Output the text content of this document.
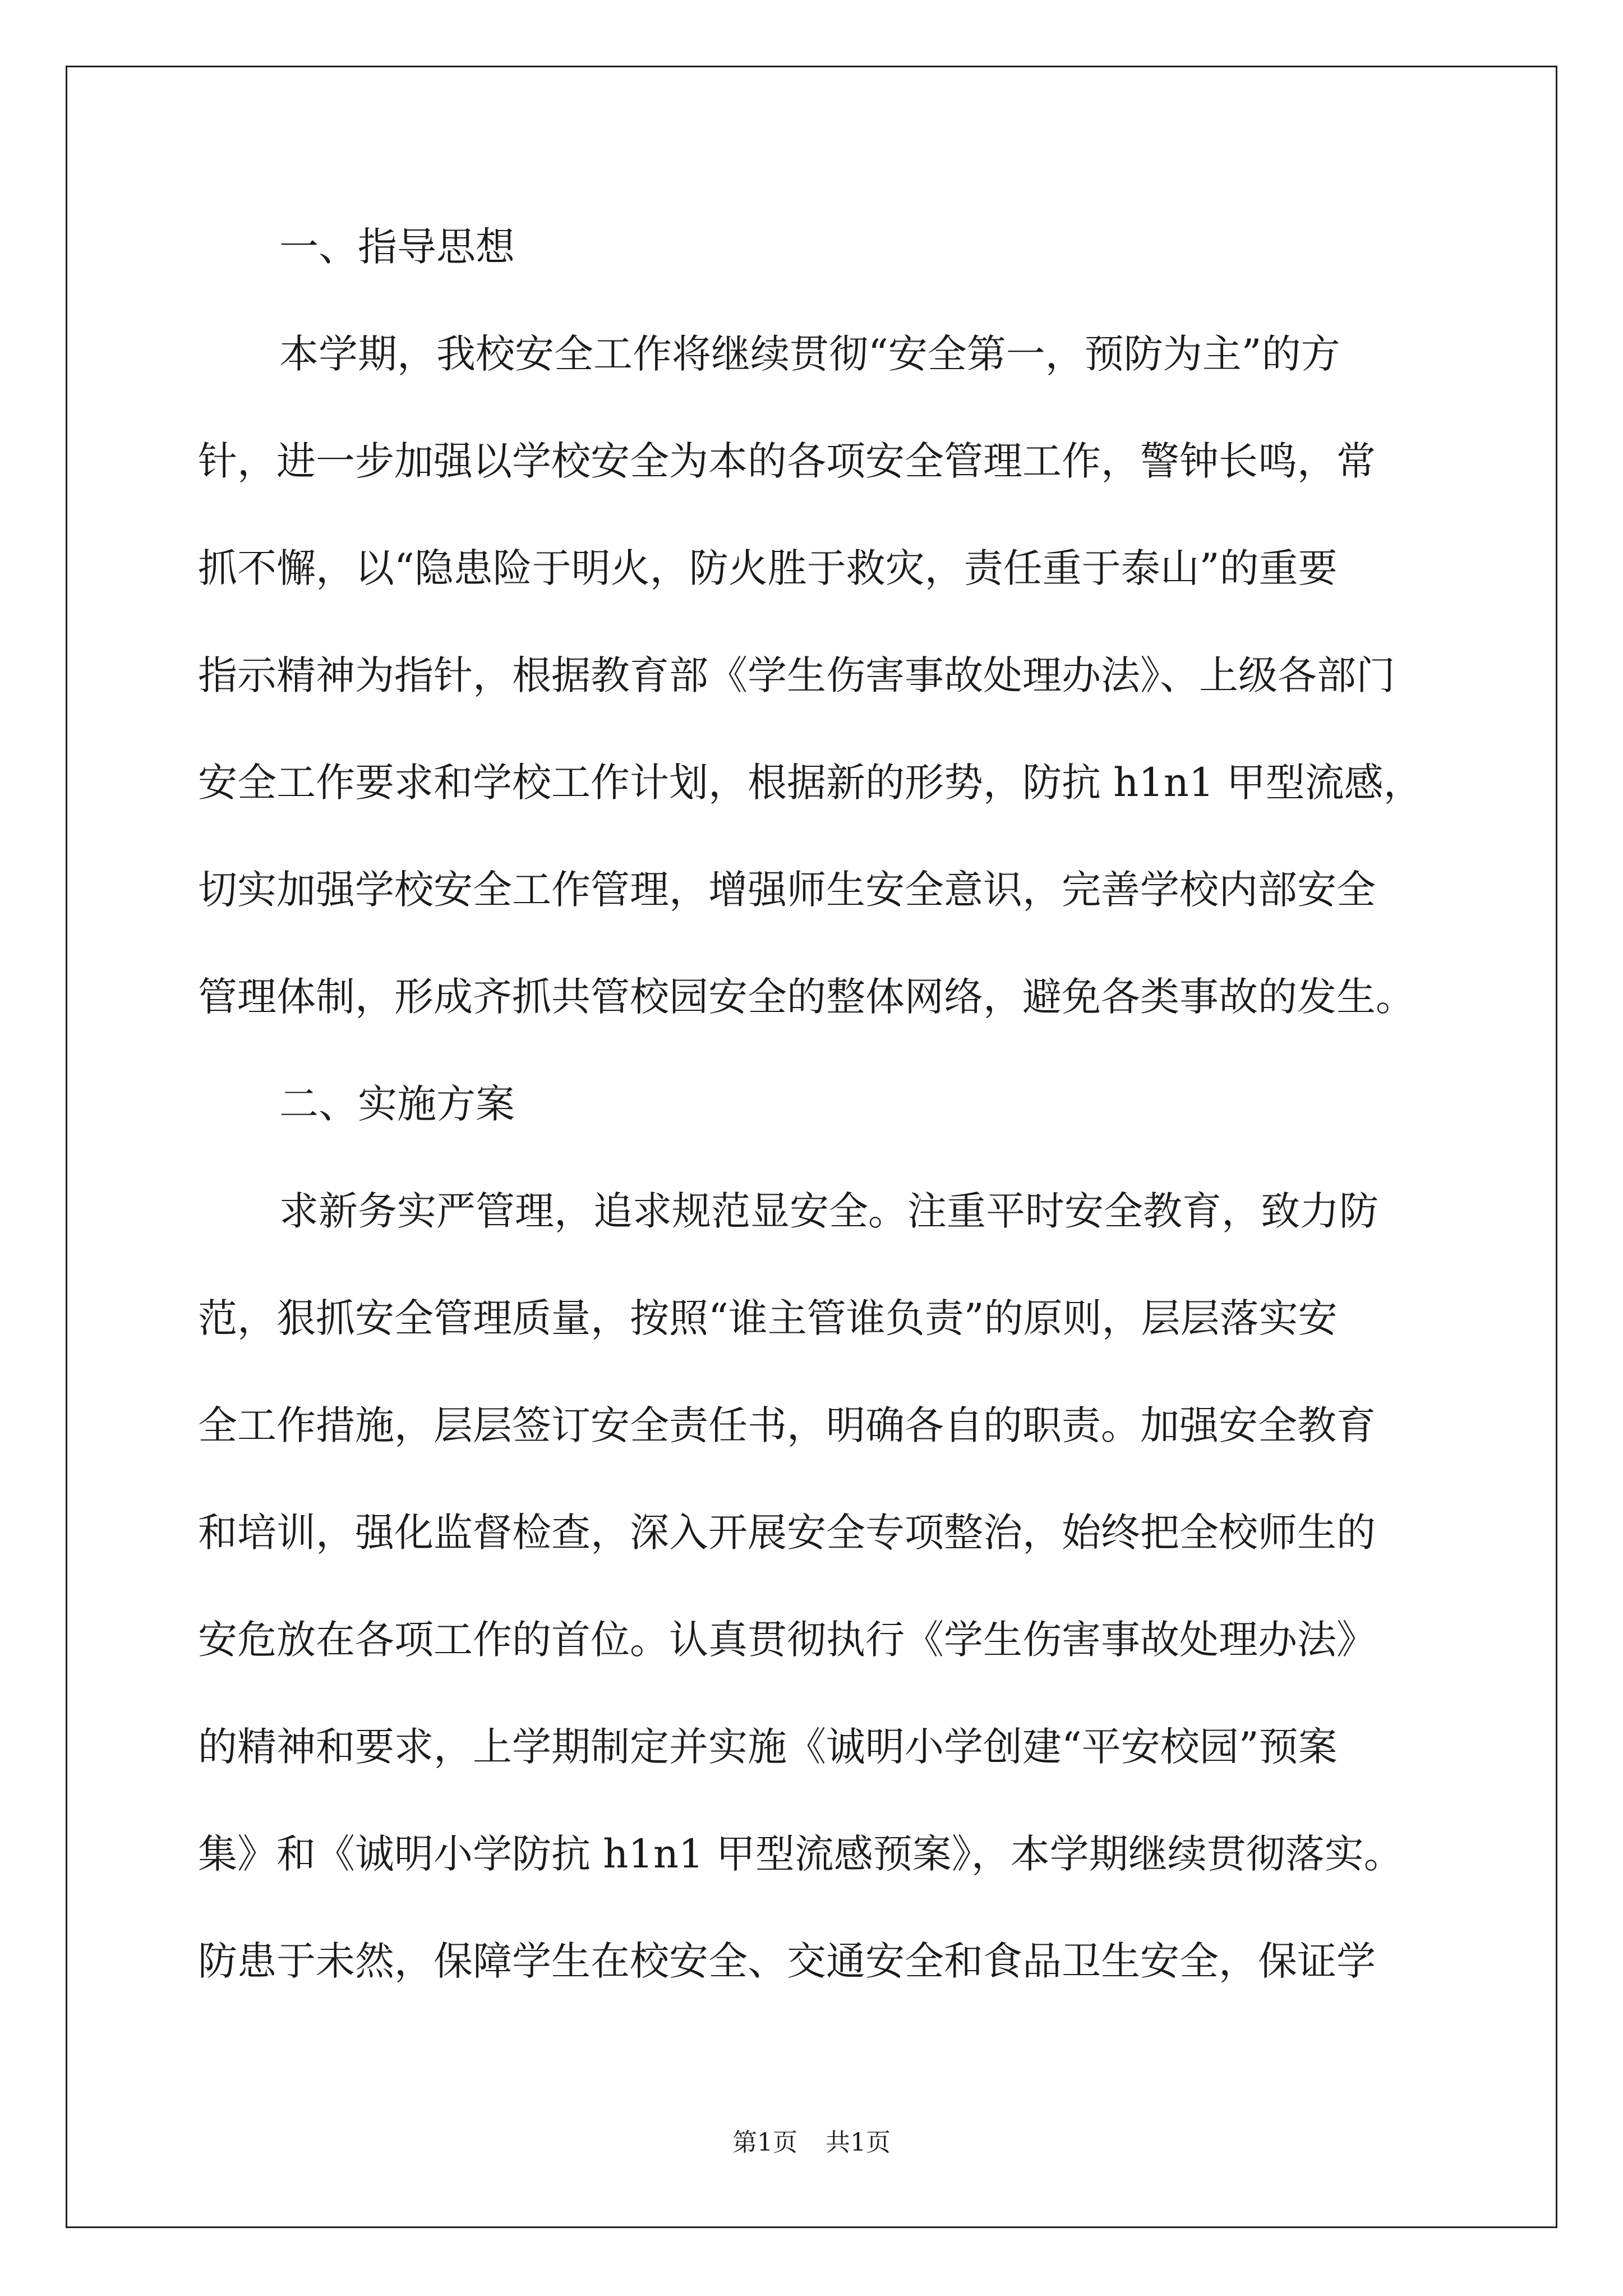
一、指导思想
本学期，我校安全工作将继续贯彻“安全第一，预防为主”的方
针，进一步加强以学校安全为本的各项安全管理工作，警钟长鸣，常
抓不懈，以“隐患险于明火，防火胜于救灾，责任重于泰山”的重要
指示精神为指针，根据教育部《学生伤害事故处理办法》、上级各部门
安全工作要求和学校工作计划，根据新的形势，防抗 h1n1 甲型流感，
切实加强学校安全工作管理，增强师生安全意识，完善学校内部安全
管理体制，形成齐抓共管校园安全的整体网络，避免各类事故的发生。
二、实施方案
求新务实严管理，追求规范显安全。注重平时安全教育，致力防
范，狠抓安全管理质量，按照“谁主管谁负责”的原则，层层落实安
全工作措施，层层签订安全责任书，明确各自的职责。加强安全教育
和培训，强化监督检查，深入开展安全专项整治，始终把全校师生的
安危放在各项工作的首位。认真贯彻执行《学生伤害事故处理办法》
的精神和要求，上学期制定并实施《诚明小学创建“平安校园”预案
集》和《诚明小学防抗 h1n1 甲型流感预案》，本学期继续贯彻落实。
防患于未然，保障学生在校安全、交通安全和食品卫生安全，保证学
第1页 共1页
